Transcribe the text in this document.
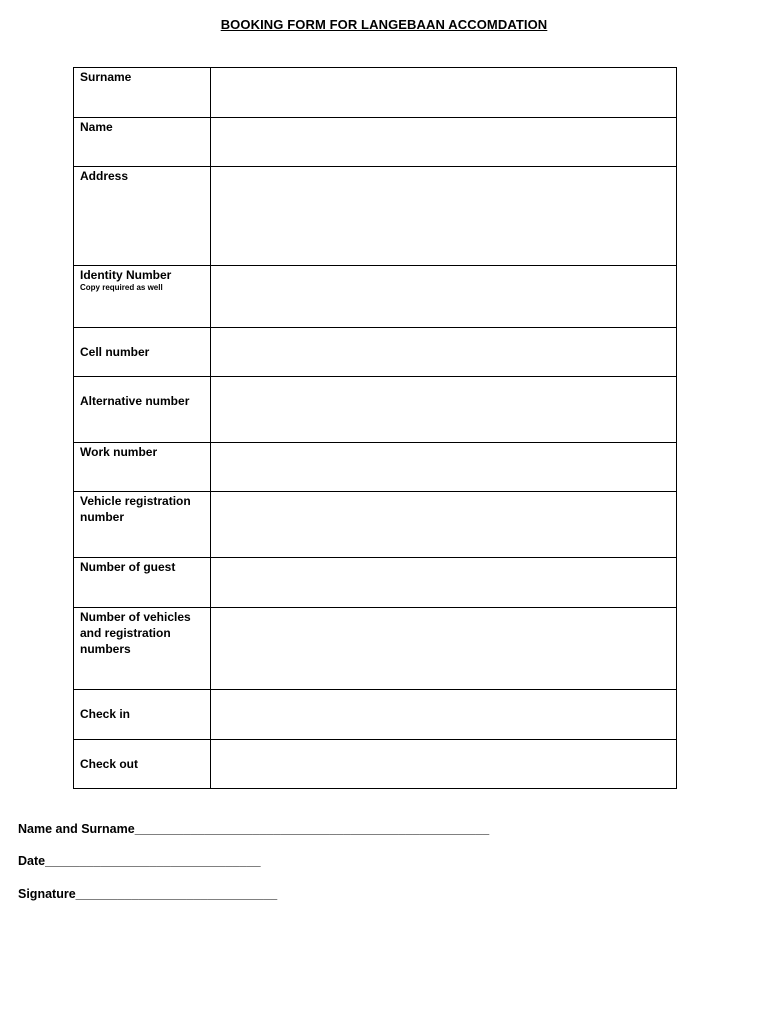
BOOKING FORM FOR LANGEBAAN ACCOMDATION
Surname	

Name	

Address	

Identity Number
Copy required as well	

Cell number	

Alternative number	

Work number	

Vehicle registration number	

Number of guest	

Number of vehicles and registration numbers	

Check in	

Check out	

Name and Surname___________________________________________________
Date_______________________________
Signature_____________________________
